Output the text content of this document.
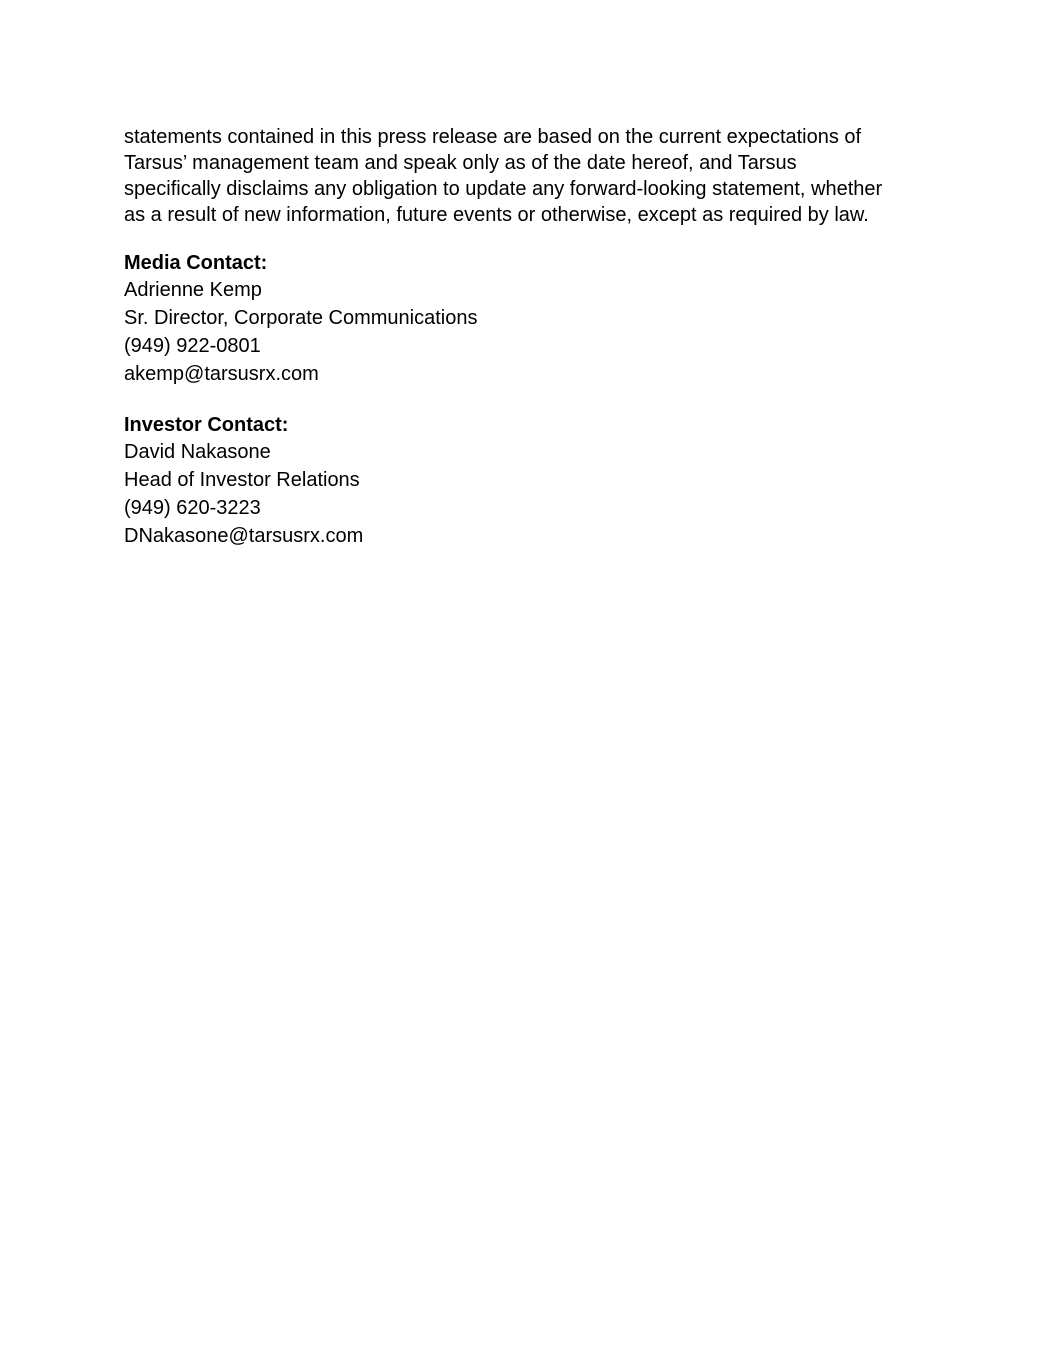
statements contained in this press release are based on the current expectations of
Tarsus’ management team and speak only as of the date hereof, and Tarsus
specifically disclaims any obligation to update any forward-looking statement, whether
as a result of new information, future events or otherwise, except as required by law.

Media Contact:
Adrienne Kemp
Sr. Director, Corporate Communications
(949) 922-0801
akemp@tarsusrx.com
Investor Contact:
David Nakasone
Head of Investor Relations
(949) 620-3223
DNakasone@tarsusrx.com
